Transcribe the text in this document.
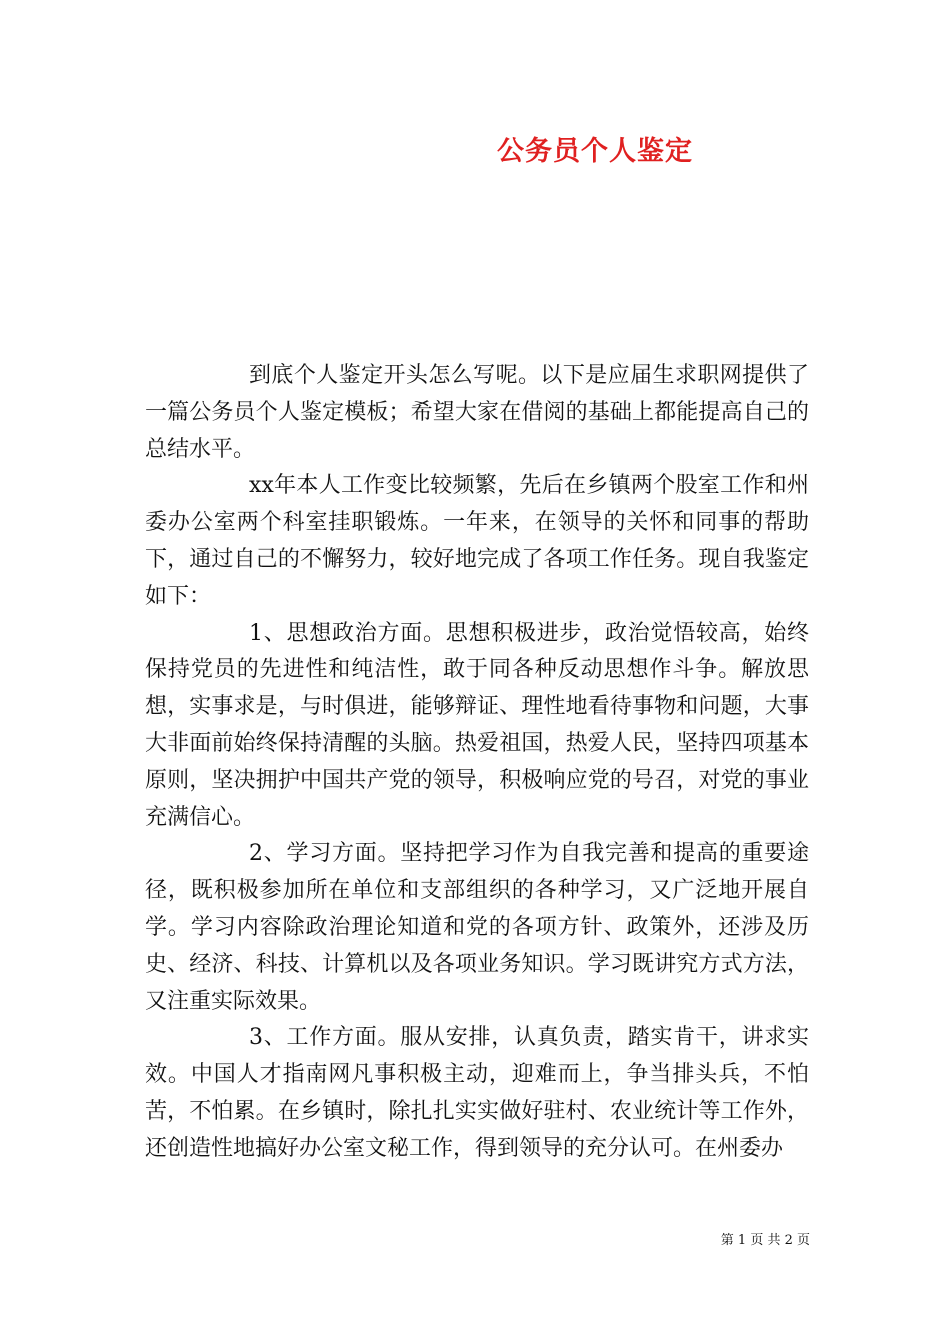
公务员个人鉴定

到底个人鉴定开头怎么写呢。以下是应届生求职网提供了一篇公务员个人鉴定模板；希望大家在借阅的基础上都能提高自己的总结水平。

xx年本人工作变比较频繁，先后在乡镇两个股室工作和州委办公室两个科室挂职锻炼。一年来，在领导的关怀和同事的帮助下，通过自己的不懈努力，较好地完成了各项工作任务。现自我鉴定如下：

1、思想政治方面。思想积极进步，政治觉悟较高，始终保持党员的先进性和纯洁性，敢于同各种反动思想作斗争。解放思想，实事求是，与时俱进，能够辩证、理性地看待事物和问题，大事大非面前始终保持清醒的头脑。热爱祖国，热爱人民，坚持四项基本原则，坚决拥护中国共产党的领导，积极响应党的号召，对党的事业充满信心。

2、学习方面。坚持把学习作为自我完善和提高的重要途径，既积极参加所在单位和支部组织的各种学习，又广泛地开展自学。学习内容除政治理论知道和党的各项方针、政策外，还涉及历史、经济、科技、计算机以及各项业务知识。学习既讲究方式方法，又注重实际效果。

3、工作方面。服从安排，认真负责，踏实肯干，讲求实效。中国人才指南网凡事积极主动，迎难而上，争当排头兵，不怕苦，不怕累。在乡镇时，除扎扎实实做好驻村、农业统计等工作外，还创造性地搞好办公室文秘工作，得到领导的充分认可。在州委办

第 1 页 共 2 页
